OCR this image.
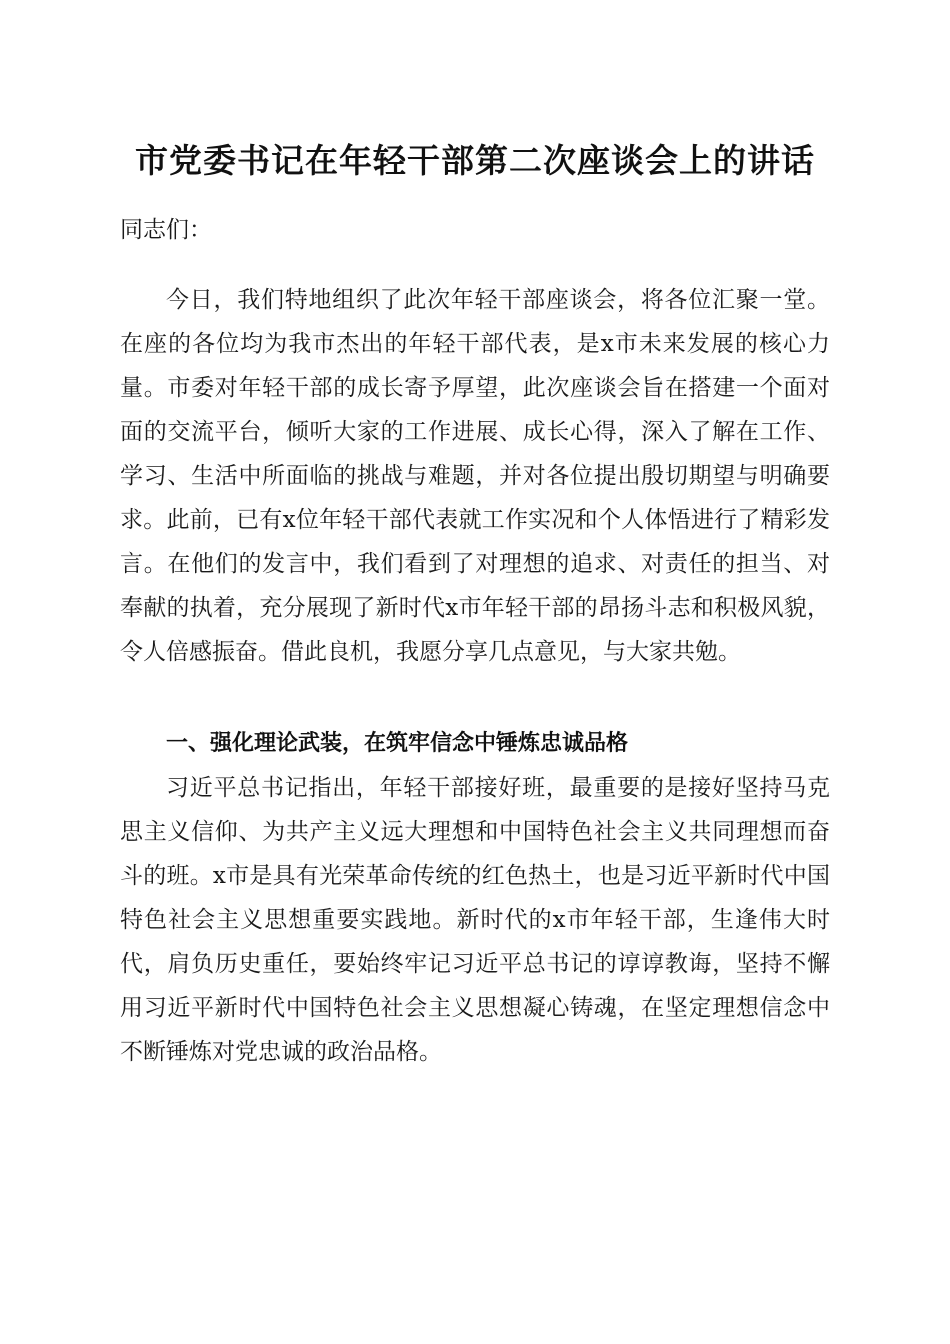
市党委书记在年轻干部第二次座谈会上的讲话
同志们：

今日，我们特地组织了此次年轻干部座谈会，将各位汇聚一堂。在座的各位均为我市杰出的年轻干部代表，是x市未来发展的核心力量。市委对年轻干部的成长寄予厚望，此次座谈会旨在搭建一个面对面的交流平台，倾听大家的工作进展、成长心得，深入了解在工作、学习、生活中所面临的挑战与难题，并对各位提出殷切期望与明确要求。此前，已有x位年轻干部代表就工作实况和个人体悟进行了精彩发言。在他们的发言中，我们看到了对理想的追求、对责任的担当、对奉献的执着，充分展现了新时代x市年轻干部的昂扬斗志和积极风貌，令人倍感振奋。借此良机，我愿分享几点意见，与大家共勉。

一、强化理论武装，在筑牢信念中锤炼忠诚品格

习近平总书记指出，年轻干部接好班，最重要的是接好坚持马克思主义信仰、为共产主义远大理想和中国特色社会主义共同理想而奋斗的班。x市是具有光荣革命传统的红色热土，也是习近平新时代中国特色社会主义思想重要实践地。新时代的x市年轻干部，生逢伟大时代，肩负历史重任，要始终牢记习近平总书记的谆谆教诲，坚持不懈用习近平新时代中国特色社会主义思想凝心铸魂，在坚定理想信念中不断锤炼对党忠诚的政治品格。
